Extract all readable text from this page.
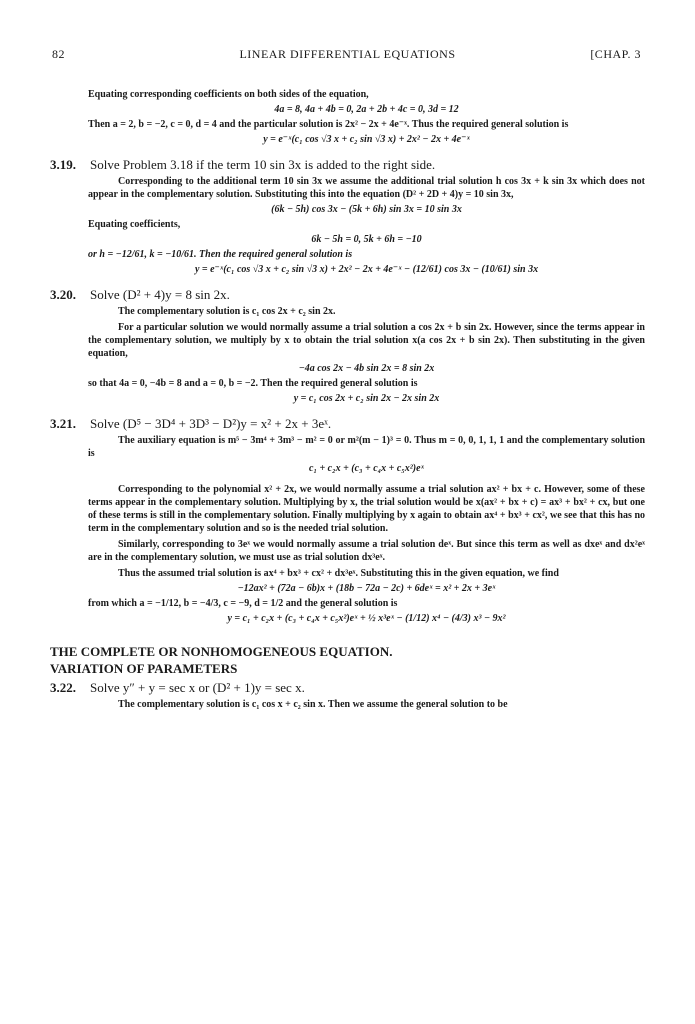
82	LINEAR DIFFERENTIAL EQUATIONS	[CHAP. 3

Equating corresponding coefficients on both sides of the equation,

4a = 8, 4a + 4b = 0, 2a + 2b + 4c = 0, 3d = 12

Then a = 2, b = −2, c = 0, d = 4 and the particular solution is 2x² − 2x + 4e⁻ˣ. Thus the required general solution is

y = e⁻ˣ(c₁ cos √3 x + c₂ sin √3 x) + 2x² − 2x + 4e⁻ˣ
3.19. Solve Problem 3.18 if the term 10 sin 3x is added to the right side.

Corresponding to the additional term 10 sin 3x we assume the additional trial solution h cos 3x + k sin 3x which does not appear in the complementary solution. Substituting this into the equation (D² + 2D + 4)y = 10 sin 3x,

(6k − 5h) cos 3x − (5k + 6h) sin 3x = 10 sin 3x

Equating coefficients,

6k − 5h = 0, 5k + 6h = −10
or h = −12/61, k = −10/61. Then the required general solution is
y = e⁻ˣ(c₁ cos √3 x + c₂ sin √3 x) + 2x² − 2x + 4e⁻ˣ − (12/61) cos 3x − (10/61) sin 3x
3.20. Solve (D² + 4)y = 8 sin 2x.

The complementary solution is c₁ cos 2x + c₂ sin 2x.

For a particular solution we would normally assume a trial solution a cos 2x + b sin 2x. However, since the terms appear in the complementary solution, we multiply by x to obtain the trial solution x(a cos 2x + b sin 2x). Then substituting in the given equation,

−4a cos 2x − 4b sin 2x = 8 sin 2x

so that 4a = 0, −4b = 8 and a = 0, b = −2. Then the required general solution is

y = c₁ cos 2x + c₂ sin 2x − 2x sin 2x
3.21. Solve (D⁵ − 3D⁴ + 3D³ − D²)y = x² + 2x + 3eˣ.

The auxiliary equation is m⁵ − 3m⁴ + 3m³ − m² = 0 or m²(m − 1)³ = 0. Thus m = 0, 0, 1, 1, 1 and the complementary solution is

c₁ + c₂x + (c₃ + c₄x + c₅x²)eˣ

Corresponding to the polynomial x² + 2x, we would normally assume a trial solution ax² + bx + c. However, some of these terms appear in the complementary solution. Multiplying by x, the trial solution would be x(ax² + bx + c) = ax³ + bx² + cx, but one of these terms is still in the complementary solution. Finally multiplying by x again to obtain ax⁴ + bx³ + cx², we see that this has no term in the complementary solution and so is the needed trial solution.

Similarly, corresponding to 3eˣ we would normally assume a trial solution deˣ. But since this term as well as dxeˣ and dx²eˣ are in the complementary solution, we must use as trial solution dx³eˣ.

Thus the assumed trial solution is ax⁴ + bx³ + cx² + dx³eˣ. Substituting this in the given equation, we find

−12ax² + (72a − 6b)x + (18b − 72a − 2c) + 6deˣ = x² + 2x + 3eˣ

from which a = −1/12, b = −4/3, c = −9, d = 1/2 and the general solution is

y = c₁ + c₂x + (c₃ + c₄x + c₅x²)eˣ + ½ x³eˣ − (1/12) x⁴ − (4/3) x³ − 9x²
THE COMPLETE OR NONHOMOGENEOUS EQUATION.
VARIATION OF PARAMETERS
3.22. Solve y″ + y = sec x or (D² + 1)y = sec x.

The complementary solution is c₁ cos x + c₂ sin x. Then we assume the general solution to be
